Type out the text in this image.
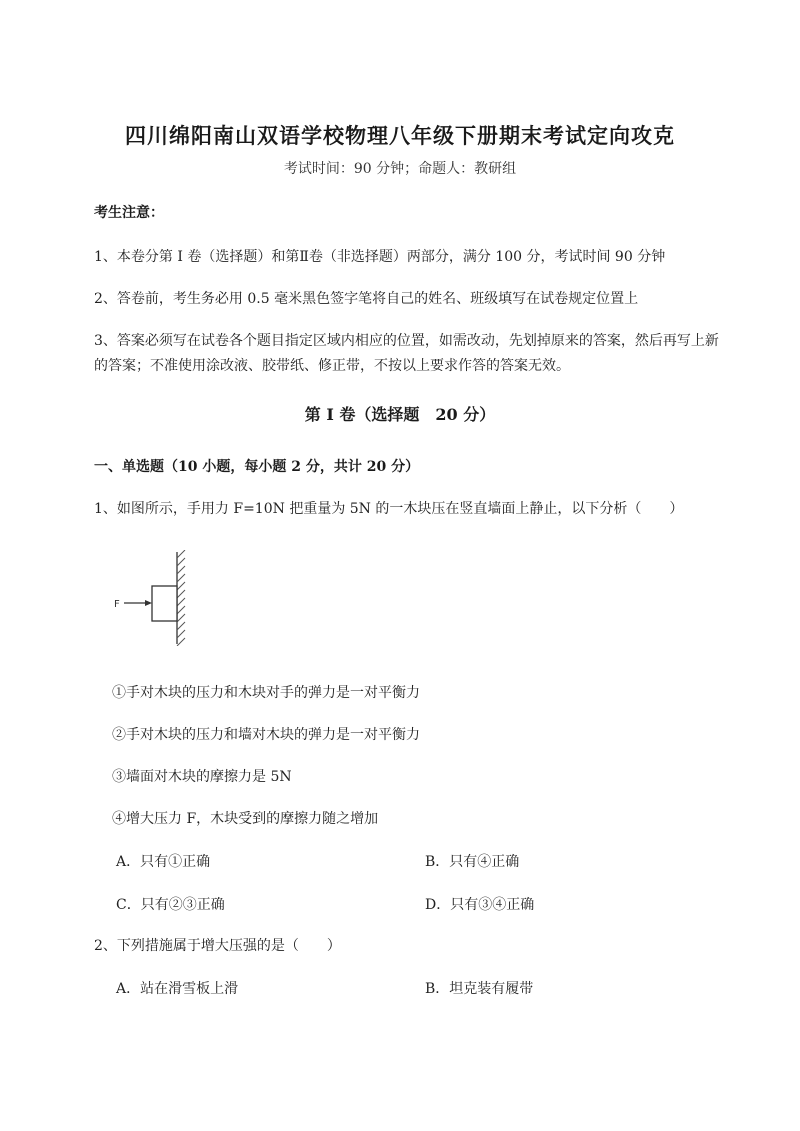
四川绵阳南山双语学校物理八年级下册期末考试定向攻克
考试时间：90 分钟；命题人：教研组
考生注意：
1、本卷分第 I 卷（选择题）和第Ⅱ卷（非选择题）两部分，满分 100 分，考试时间 90 分钟
2、答卷前，考生务必用 0.5 毫米黑色签字笔将自己的姓名、班级填写在试卷规定位置上
3、答案必须写在试卷各个题目指定区域内相应的位置，如需改动，先划掉原来的答案，然后再写上新
的答案；不准使用涂改液、胶带纸、修正带，不按以上要求作答的答案无效。
第 I 卷（选择题　20 分）
一、单选题（10 小题，每小题 2 分，共计 20 分）
1、如图所示，手用力 F=10N 把重量为 5N 的一木块压在竖直墙面上静止，以下分析（　　）
F
①手对木块的压力和木块对手的弹力是一对平衡力
②手对木块的压力和墙对木块的弹力是一对平衡力
③墙面对木块的摩擦力是 5N
④增大压力 F，木块受到的摩擦力随之增加
A．只有①正确	B．只有④正确
C．只有②③正确	D．只有③④正确
2、下列措施属于增大压强的是（　　）
A．站在滑雪板上滑	B．坦克装有履带
